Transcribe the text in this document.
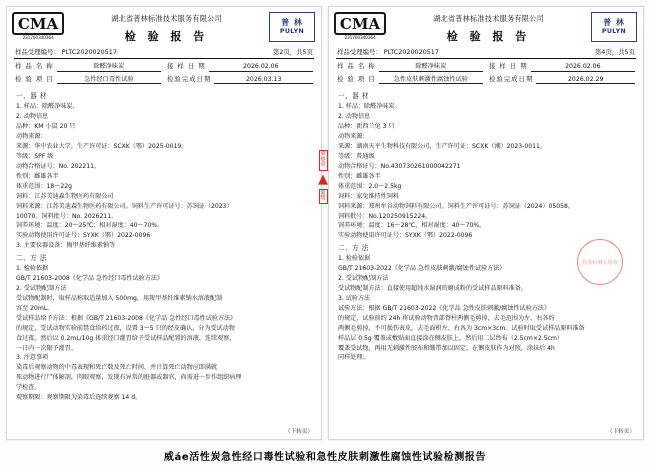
CMA
231700340364
湖北省普林标准技术服务有限公司
检 验 报 告
普 林
PULYN
样品受理编号： PLTC2020020517	第2页，共5页
样 品 名 称	除醛净味炭
检 验 项 目	急性经口毒性试验
接 样 日 期	2026.02.06
检验完成日期	2026.03.13
一、器 材
1. 样品：除醛净味炭。
2. 动物信息
品种：KM 小鼠 20 只
动物来源：
来源：华中农业大学，生产许可证：SCXK（鄂）2025-0019。
等级：SPF 级
动物合格证号：No. 202211。
性别：雌雄各半
体重范围：18～22g
饲料：江苏美迪森生物医药有限公司
饲料来源：江苏美迪森生物医药有限公司。饲料生产许可证号：苏饲证（2023）
10070。饲料批号：No. 2026211。
饲养环境：温度：20～25℃；相对湿度：40～70%。
实验动物使用许可证号：SYXK（鄂）2022-0096
3. 主要仪器设备：掏甲基纤维素钠等
二、方 法
1. 检验依据
GB/T 21603-2008《化学品 急性经口毒性试验方法》
2. 受试物配制方法
受试物配制时，取样品称取适量加入 500mg，用羧甲基纤维素钠水溶液配制
容至 20mL。
受试样品给予方法：根据《GB/T 21603-2008《化学品 急性经口毒性试验方法》
的规定，受试动物实验前禁食给药过夜，设置 3～5 只的经皮确认，分为受试动物
食过夜。然后以 0.2mL/10g 体重经口灌胃给予受试样品配置的溶液，连续观察，
一日内一次限予灌胃。
3. 注意事项
染毒后观察动物的中毒表现和死亡数及死亡时间，并计算死亡动物应即满就
死动物进行尸体解剖，肉眼观察，发现有异常的脏器或器官，尚需进一步作组织病理
学检查。
观察期限：观察期限为染毒后连续观察 14 d。
（下转页）
CMA
231700340364
湖北省普林标准技术服务有限公司
检 验 报 告
普 林
PULYN
样品受理编号： PLTC2020020517	第4页，共5页
样 品 名 称	除醛净味炭
检 验 项 目	急性皮肤刺激性腐蚀性试验
接 样 日 期	2026.02.06
检验完成日期	2026.02.29
一、器 材
1. 样品：除醛净味炭。
2. 动物信息
品种：新西兰兔 3 只
动物来源：
来源：湖南天平生物科技有限公司，生产许可证：SCXK（湘）2023-0011。
等级：普通级
动物合格证号：No.430730261000042271
性别：雌雄各半
体重范围：2.0～2.5kg
饲料：家兔维持性饲料
饲料来源：郑州牟谷动物饲料有限公司。饲料生产许可证号：苏饲证（2024）05058。
饲料批号：No.120250915224。
饲养环境：温度：16～28℃，相对湿度：40～70%。
实验动物使用许可证号：SYXK（鄂）2022-0096
二、方 法
1. 检验依据
GB/T 21603-2022《化学品 急性皮肤刺激/腐蚀性试验方法》
2. 受试物配制方法
受试物配制方法：直接使用超纯水湿润的磨成粉的受试样品原料准备。
3. 试验方法
试验方法：根据 GB/T 21603-2022《化学品 急性皮肤刺激/腐蚀性试验方法》
的规定，试验前约 24h 将试验动物背部脊柱两侧毛剪掉，去毛范围为左、右各约
两侧毛剪掉，不可损伤表皮。去毛面积左、右各为 3cm×3cm。试验时取受试样品原料准备
样品层 0.5g 覆盖或敷贴面直接涂在侧皮肤上，然后用二层纱布（2.5cm×2.5cm）
覆盖受试物，再用无刺激性胶布和绷带加以固定。在侧皮肤作为对照，涂抹后 4h
同样处理。
（下转页）
检验检测专用章
骑缝章
▲
骑缝
威áe活性炭急性经口毒性试验和急性皮肤刺激性腐蚀性试验检测报告
